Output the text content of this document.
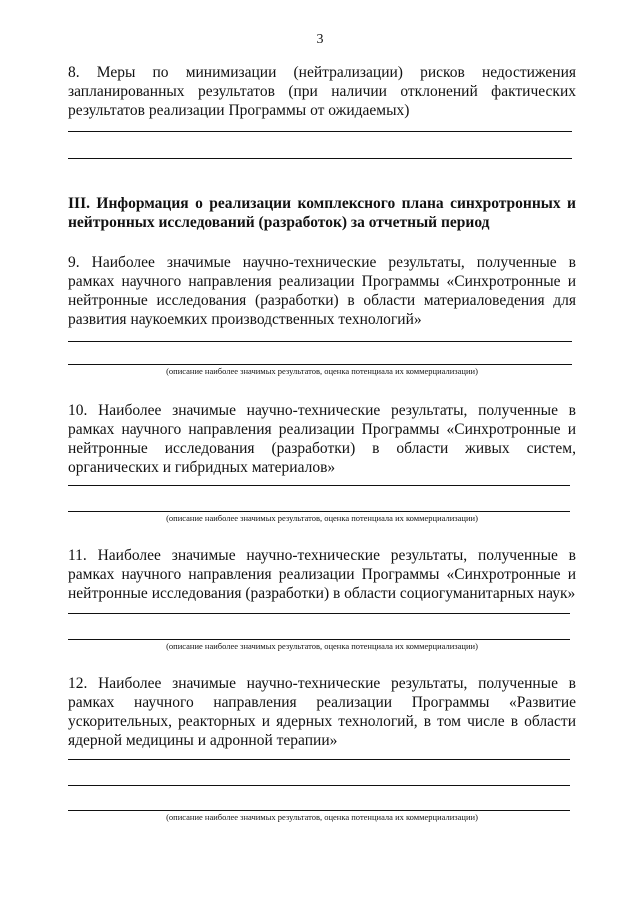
3

8. Меры по минимизации (нейтрализации) рисков недостижения запланированных результатов (при наличии отклонений фактических результатов реализации Программы от ожидаемых)

III. Информация о реализации комплексного плана синхротронных и нейтронных исследований (разработок) за отчетный период

9. Наиболее значимые научно-технические результаты, полученные в рамках научного направления реализации Программы «Синхротронные и нейтронные исследования (разработки) в области материаловедения для развития наукоемких производственных технологий»

(описание наиболее значимых результатов, оценка потенциала их коммерциализации)

10. Наиболее значимые научно-технические результаты, полученные в рамках научного направления реализации Программы «Синхротронные и нейтронные исследования (разработки) в области живых систем, органических и гибридных материалов»

(описание наиболее значимых результатов, оценка потенциала их коммерциализации)

11. Наиболее значимые научно-технические результаты, полученные в рамках научного направления реализации Программы «Синхротронные и нейтронные исследования (разработки) в области социогуманитарных наук»

(описание наиболее значимых результатов, оценка потенциала их коммерциализации)

12. Наиболее значимые научно-технические результаты, полученные в рамках научного направления реализации Программы «Развитие ускорительных, реакторных и ядерных технологий, в том числе в области ядерной медицины и адронной терапии»

(описание наиболее значимых результатов, оценка потенциала их коммерциализации)
